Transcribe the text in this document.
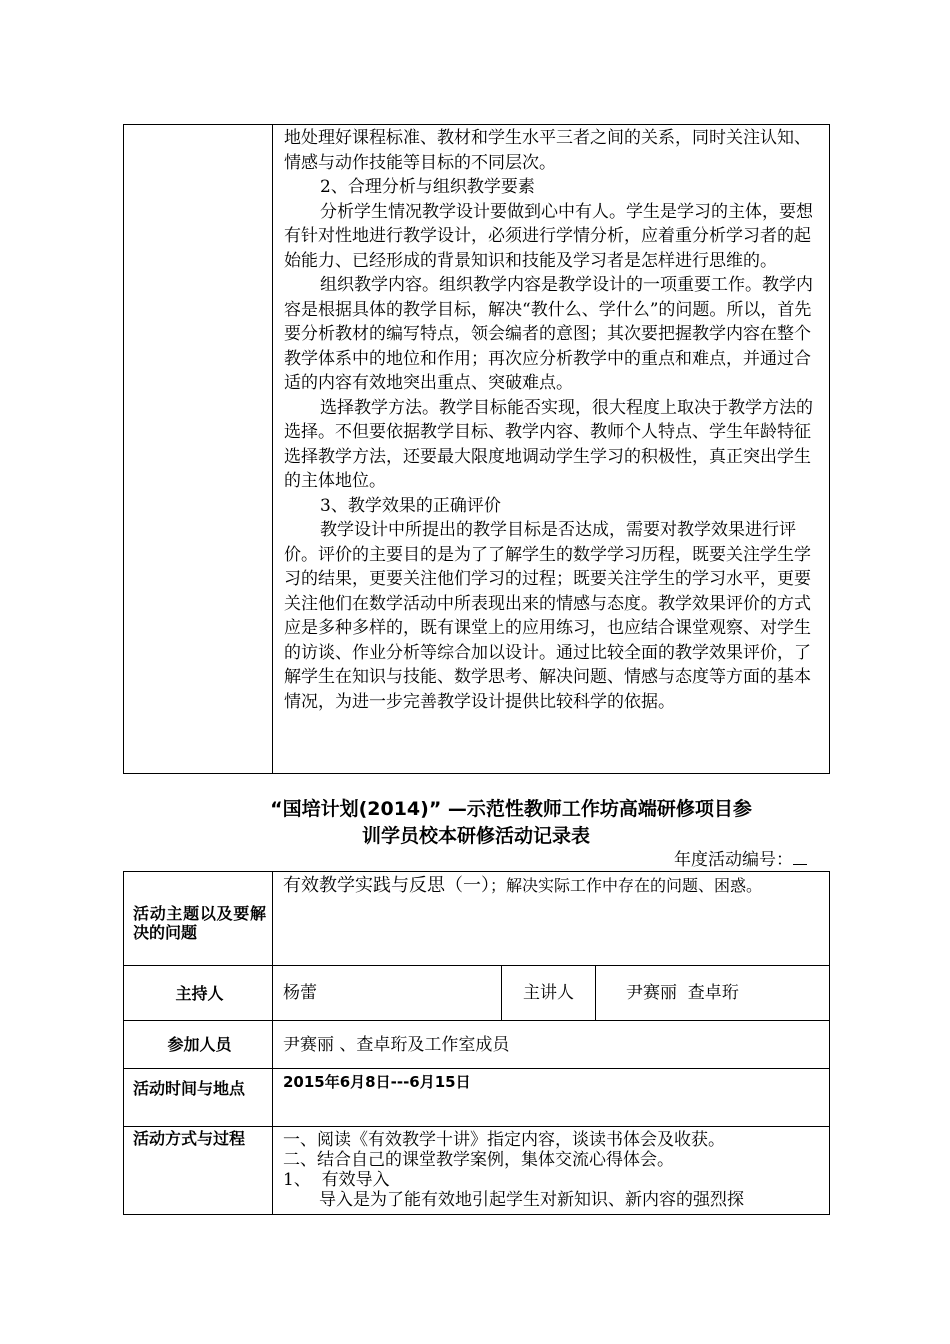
地处理好课程标准、教材和学生水平三者之间的关系，同时关注认知、情感与动作技能等目标的不同层次。

2、合理分析与组织教学要素

分析学生情况教学设计要做到心中有人。学生是学习的主体，要想有针对性地进行教学设计，必须进行学情分析，应着重分析学习者的起始能力、已经形成的背景知识和技能及学习者是怎样进行思维的。

组织教学内容。组织教学内容是教学设计的一项重要工作。教学内容是根据具体的教学目标，解决“教什么、学什么”的问题。所以，首先要分析教材的编写特点，领会编者的意图；其次要把握教学内容在整个教学体系中的地位和作用；再次应分析教学中的重点和难点，并通过合适的内容有效地突出重点、突破难点。

选择教学方法。教学目标能否实现，很大程度上取决于教学方法的选择。不但要依据教学目标、教学内容、教师个人特点、学生年龄特征选择教学方法，还要最大限度地调动学生学习的积极性，真正突出学生的主体地位。

3、教学效果的正确评价

教学设计中所提出的教学目标是否达成，需要对教学效果进行评价。评价的主要目的是为了了解学生的数学学习历程，既要关注学生学习的结果，更要关注他们学习的过程；既要关注学生的学习水平，更要关注他们在数学活动中所表现出来的情感与态度。教学效果评价的方式应是多种多样的，既有课堂上的应用练习，也应结合课堂观察、对学生的访谈、作业分析等综合加以设计。通过比较全面的教学效果评价，了解学生在知识与技能、数学思考、解决问题、情感与态度等方面的基本情况，为进一步完善教学设计提供比较科学的依据。

“国培计划(2014)” —示范性教师工作坊高端研修项目参
训学员校本研修活动记录表
年度活动编号：
活动主题以及要解决的问题	有效教学实践与反思（一）；解决实际工作中存在的问题、困惑。		

主持人	杨蕾	主讲人	尹赛丽  查卓珩
参加人员	尹赛丽 、查卓珩及工作室成员		

活动时间与地点	2015年6月8日---6月15日		

活动方式与过程	一、阅读《有效教学十讲》指定内容，谈读书体会及收获。

二、结合自己的课堂教学案例，集体交流心得体会。

1、  有效导入

导入是为了能有效地引起学生对新知识、新内容的强烈探		
